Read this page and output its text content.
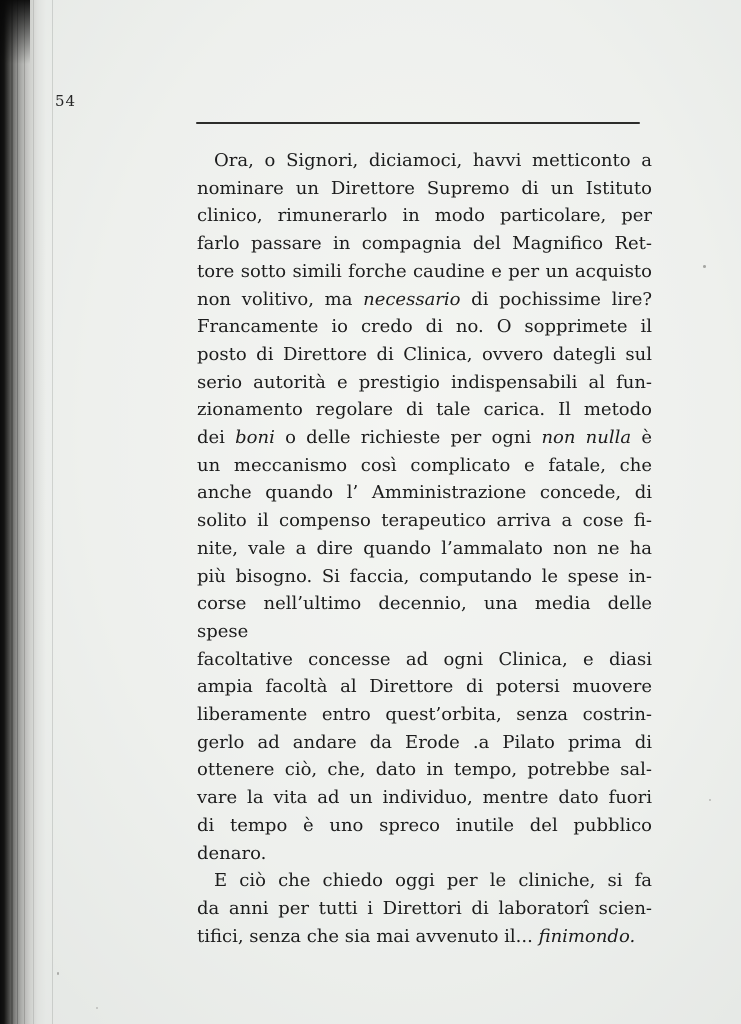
54
Ora, o Signori, diciamoci, havvi metticonto a
nominare un Direttore Supremo di un Istituto
clinico, rimunerarlo in modo particolare, per
farlo passare in compagnia del Magnifico Ret-
tore sotto simili forche caudine e per un acquisto
non volitivo, ma necessario di pochissime lire?
Francamente io credo di no. O sopprimete il
posto di Direttore di Clinica, ovvero dategli sul
serio autorità e prestigio indispensabili al fun-
zionamento regolare di tale carica. Il metodo
dei boni o delle richieste per ogni non nulla è
un meccanismo così complicato e fatale, che
anche quando l’ Amministrazione concede, di
solito il compenso terapeutico arriva a cose fi-
nite, vale a dire quando l’ammalato non ne ha
più bisogno. Si faccia, computando le spese in-
corse nell’ultimo decennio, una media delle spese
facoltative concesse ad ogni Clinica, e diasi
ampia facoltà al Direttore di potersi muovere
liberamente entro quest’orbita, senza costrin-
gerlo ad andare da Erode .a Pilato prima di
ottenere ciò, che, dato in tempo, potrebbe sal-
vare la vita ad un individuo, mentre dato fuori
di tempo è uno spreco inutile del pubblico
denaro.
E ciò che chiedo oggi per le cliniche, si fa
da anni per tutti i Direttori di laboratorî scien-
tifici, senza che sia mai avvenuto il... finimondo.
